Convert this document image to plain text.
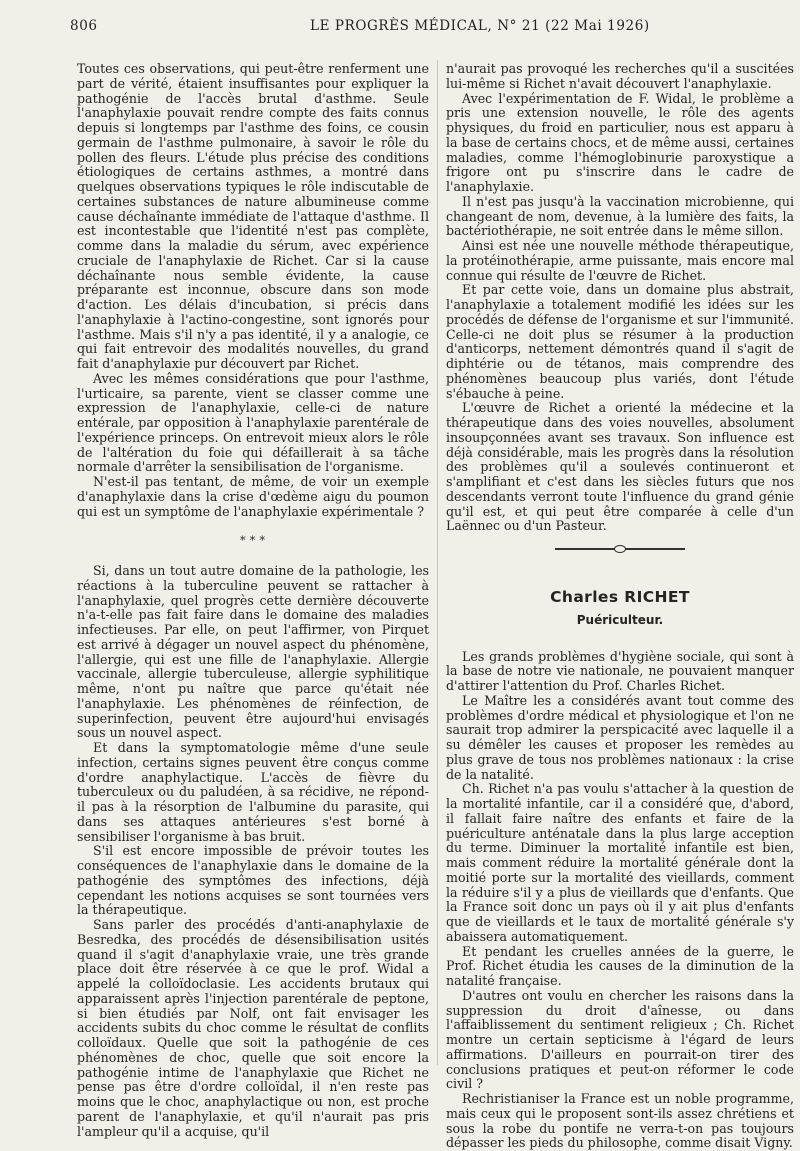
806	LE PROGRÈS MÉDICAL, N° 21 (22 Mai 1926)

Toutes ces observations, qui peut-être renferment une part de vérité, étaient insuffisantes pour expliquer la pathogénie de l'accès brutal d'asthme. Seule l'anaphylaxie pouvait rendre compte des faits connus depuis si longtemps par l'asthme des foins, ce cousin germain de l'asthme pulmonaire, à savoir le rôle du pollen des fleurs. L'étude plus précise des conditions étiologiques de certains asthmes, a montré dans quelques observations typiques le rôle indiscutable de certaines substances de nature albumineuse comme cause déchaînante immédiate de l'attaque d'asthme. Il est incontestable que l'identité n'est pas complète, comme dans la maladie du sérum, avec expérience cruciale de l'anaphylaxie de Richet. Car si la cause déchaînante nous semble évidente, la cause préparante est inconnue, obscure dans son mode d'action. Les délais d'incubation, si précis dans l'anaphylaxie à l'actino-congestine, sont ignorés pour l'asthme. Mais s'il n'y a pas identité, il y a analogie, ce qui fait entrevoir des modalités nouvelles, du grand fait d'anaphylaxie pur découvert par Richet.

Avec les mêmes considérations que pour l'asthme, l'urticaire, sa parente, vient se classer comme une expression de l'anaphylaxie, celle-ci de nature entérale, par opposition à l'anaphylaxie parentérale de l'expérience princeps. On entrevoit mieux alors le rôle de l'altération du foie qui défaillerait à sa tâche normale d'arrêter la sensibilisation de l'organisme.

N'est-il pas tentant, de même, de voir un exemple d'anaphylaxie dans la crise d'œdème aigu du poumon qui est un symptôme de l'anaphylaxie expérimentale ?

* * *

Si, dans un tout autre domaine de la pathologie, les réactions à la tuberculine peuvent se rattacher à l'anaphylaxie, quel progrès cette dernière découverte n'a-t-elle pas fait faire dans le domaine des maladies infectieuses. Par elle, on peut l'affirmer, von Pirquet est arrivé à dégager un nouvel aspect du phénomène, l'allergie, qui est une fille de l'anaphylaxie. Allergie vaccinale, allergie tuberculeuse, allergie syphilitique même, n'ont pu naître que parce qu'était née l'anaphylaxie. Les phénomènes de réinfection, de superinfection, peuvent être aujourd'hui envisagés sous un nouvel aspect.

Et dans la symptomatologie même d'une seule infection, certains signes peuvent être conçus comme d'ordre anaphylactique. L'accès de fièvre du tuberculeux ou du paludéen, à sa récidive, ne répond-il pas à la résorption de l'albumine du parasite, qui dans ses attaques antérieures s'est borné à sensibiliser l'organisme à bas bruit.

S'il est encore impossible de prévoir toutes les conséquences de l'anaphylaxie dans le domaine de la pathogénie des symptômes des infections, déjà cependant les notions acquises se sont tournées vers la thérapeutique.

Sans parler des procédés d'anti-anaphylaxie de Besredka, des procédés de désensibilisation usités quand il s'agit d'anaphylaxie vraie, une très grande place doit être réservée à ce que le prof. Widal a appelé la colloïdoclasie. Les accidents brutaux qui apparaissent après l'injection parentérale de peptone, si bien étudiés par Nolf, ont fait envisager les accidents subits du choc comme le résultat de conflits colloïdaux. Quelle que soit la pathogénie de ces phénomènes de choc, quelle que soit encore la pathogénie intime de l'anaphylaxie que Richet ne pense pas être d'ordre colloïdal, il n'en reste pas moins que le choc, anaphylactique ou non, est proche parent de l'anaphylaxie, et qu'il n'aurait pas pris l'ampleur qu'il a acquise, qu'il

n'aurait pas provoqué les recherches qu'il a suscitées lui-même si Richet n'avait découvert l'anaphylaxie.

Avec l'expérimentation de F. Widal, le problème a pris une extension nouvelle, le rôle des agents physiques, du froid en particulier, nous est apparu à la base de certains chocs, et de même aussi, certaines maladies, comme l'hémoglobinurie paroxystique a frigore ont pu s'inscrire dans le cadre de l'anaphylaxie.

Il n'est pas jusqu'à la vaccination microbienne, qui changeant de nom, devenue, à la lumière des faits, la bactériothérapie, ne soit entrée dans le même sillon.

Ainsi est née une nouvelle méthode thérapeutique, la protéinothérapie, arme puissante, mais encore mal connue qui résulte de l'œuvre de Richet.

Et par cette voie, dans un domaine plus abstrait, l'anaphylaxie a totalement modifié les idées sur les procédés de défense de l'organisme et sur l'immunité. Celle-ci ne doit plus se résumer à la production d'anticorps, nettement démontrés quand il s'agit de diphtérie ou de tétanos, mais comprendre des phénomènes beaucoup plus variés, dont l'étude s'ébauche à peine.

L'œuvre de Richet a orienté la médecine et la thérapeutique dans des voies nouvelles, absolument insoupçonnées avant ses travaux. Son influence est déjà considérable, mais les progrès dans la résolution des problèmes qu'il a soulevés continueront et s'amplifiant et c'est dans les siècles futurs que nos descendants verront toute l'influence du grand génie qu'il est, et qui peut être comparée à celle d'un Laënnec ou d'un Pasteur.

Charles RICHET
Puériculteur.

Les grands problèmes d'hygiène sociale, qui sont à la base de notre vie nationale, ne pouvaient manquer d'attirer l'attention du Prof. Charles Richet.

Le Maître les a considérés avant tout comme des problèmes d'ordre médical et physiologique et l'on ne saurait trop admirer la perspicacité avec laquelle il a su démêler les causes et proposer les remèdes au plus grave de tous nos problèmes nationaux : la crise de la natalité.

Ch. Richet n'a pas voulu s'attacher à la question de la mortalité infantile, car il a considéré que, d'abord, il fallait faire naître des enfants et faire de la puériculture anténatale dans la plus large acception du terme. Diminuer la mortalité infantile est bien, mais comment réduire la mortalité générale dont la moitié porte sur la mortalité des vieillards, comment la réduire s'il y a plus de vieillards que d'enfants. Que la France soit donc un pays où il y ait plus d'enfants que de vieillards et le taux de mortalité générale s'y abaissera automatiquement.

Et pendant les cruelles années de la guerre, le Prof. Richet étudia les causes de la diminution de la natalité française.

D'autres ont voulu en chercher les raisons dans la suppression du droit d'aînesse, ou dans l'affaiblissement du sentiment religieux ; Ch. Richet montre un certain septicisme à l'égard de leurs affirmations. D'ailleurs en pourrait-on tirer des conclusions pratiques et peut-on réformer le code civil ?

Rechristianiser la France est un noble programme, mais ceux qui le proposent sont-ils assez chrétiens et sous la robe du pontife ne verra-t-on pas toujours dépasser les pieds du philosophe, comme disait Vigny.
